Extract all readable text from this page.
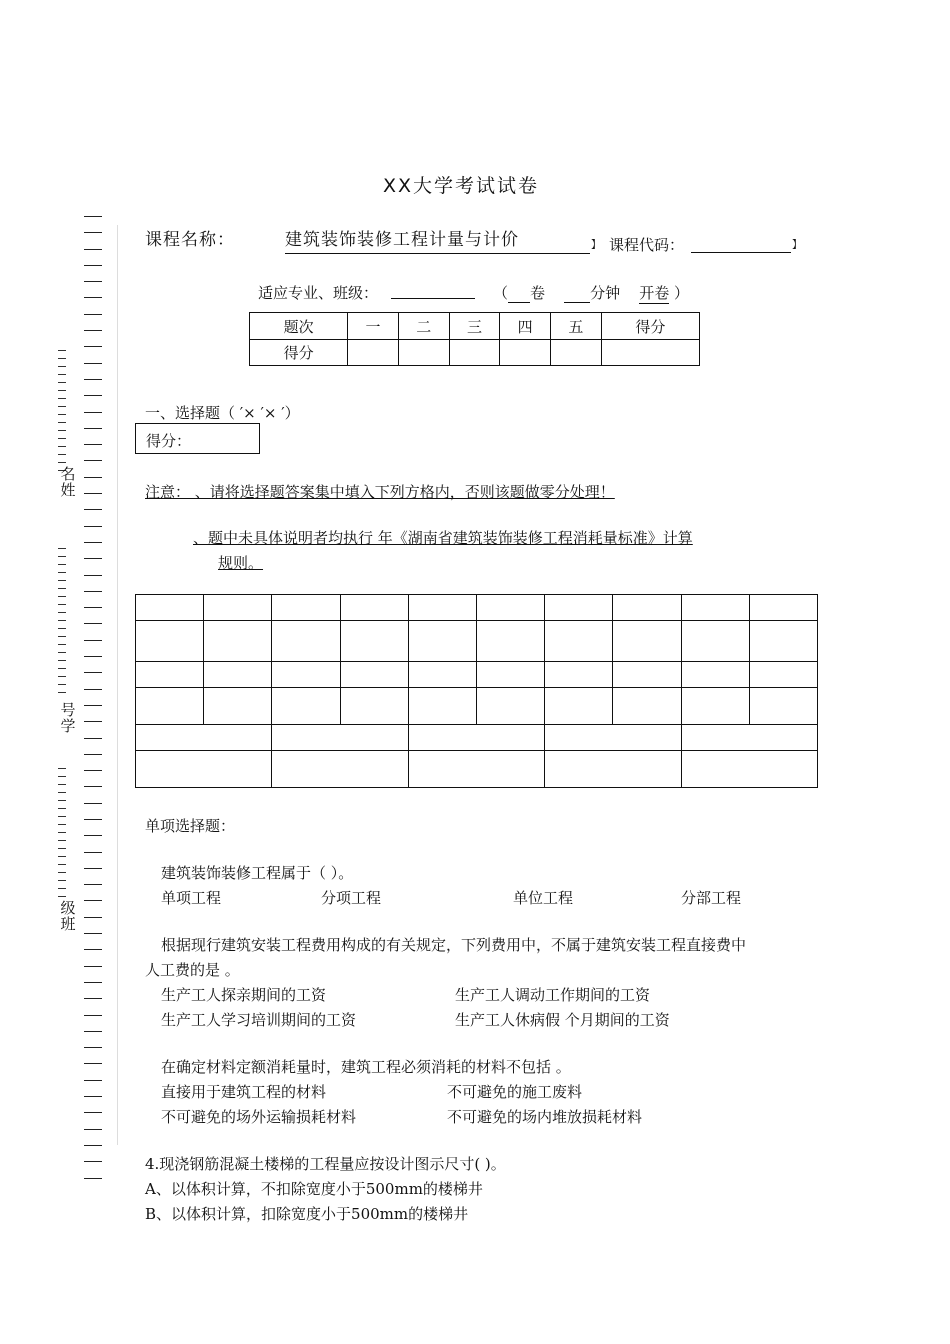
名姓
号学
级班
XX大学考试试卷
课程名称：	建筑装饰装修工程计量与计价	】 课程代码：	】
适应专业、班级：	（ 卷	分钟 开卷 ）
题次	一	二	三	四	五	得分
得分						
一、选择题（ ′× ′× ′）
得分：
注意： 、请将选择题答案集中填入下列方格内，否则该题做零分处理！
、题中未具体说明者均执行 年《湖南省建筑装饰装修工程消耗量标准》计算
规则。

单项选择题：
建筑装饰装修工程属于（ ）。
单项工程	分项工程	单位工程	分部工程
根据现行建筑安装工程费用构成的有关规定，下列费用中，不属于建筑安装工程直接费中
人工费的是 。
生产工人探亲期间的工资	生产工人调动工作期间的工资
生产工人学习培训期间的工资	生产工人休病假 个月期间的工资
在确定材料定额消耗量时，建筑工程必须消耗的材料不包括 。
直接用于建筑工程的材料	不可避免的施工废料
不可避免的场外运输损耗材料	不可避免的场内堆放损耗材料
4.现浇钢筋混凝土楼梯的工程量应按设计图示尺寸( )。
A、以体积计算，不扣除宽度小于500mm的楼梯井
B、以体积计算，扣除宽度小于500mm的楼梯井
